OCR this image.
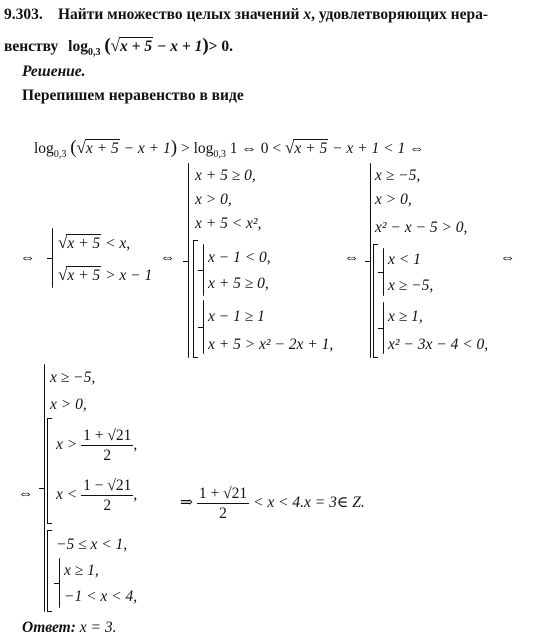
9.303. Найти множество целых значений x, удовлетворяющих нера-
венству $\log_{0,3} (√x + 5 - x + 1)> 0$.
Решение.
Перепишем неравенство в виде
$\log_{0,3} (√x + 5 - x + 1) > \log_{0,3} 1$ ⇔ 0 < √x + 5 − x + 1 < 1 ⇔
⇔
√x + 5 < x,
√x + 5 > x − 1
⇔
x + 5 ≥ 0,
x > 0,
x + 5 < x²,
x − 1 < 0,
x + 5 ≥ 0,
x − 1 ≥ 1
x + 5 > x² − 2x + 1,
⇔
x ≥ −5,
x > 0,
x² − x − 5 > 0,
x < 1
x ≥ −5,
x ≥ 1,
x² − 3x − 4 < 0,
⇔
⇔
x ≥ −5,
x > 0,
$x > \frac{1 + √21}{2}$ ,
$x < \frac{1 - √21}{2}$ ,	⇒ $\frac{1 + √21}{2} < x < 4.x$ = 3∈ Z.
−5 ≤ x < 1,
x ≥ 1,
−1 < x < 4,
Ответ: x = 3.
